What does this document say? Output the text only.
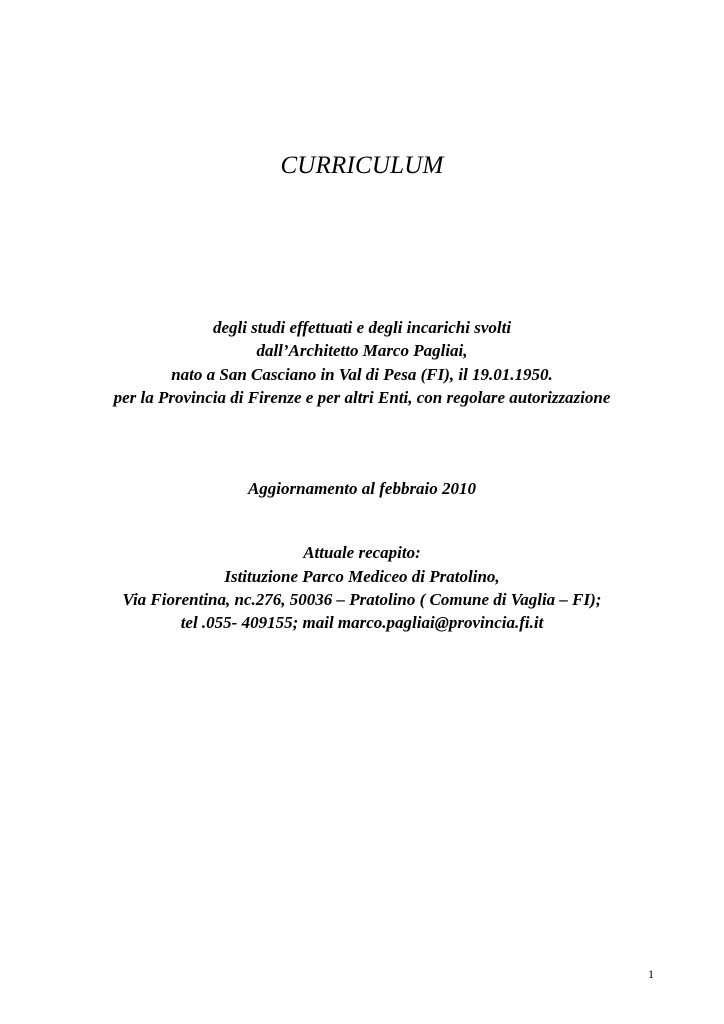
CURRICULUM
degli studi effettuati e degli incarichi svolti
dall’Architetto Marco Pagliai,
nato a San Casciano in Val di Pesa (FI), il 19.01.1950.
per la Provincia di Firenze e per altri Enti, con regolare autorizzazione
Aggiornamento al febbraio 2010
Attuale recapito:
Istituzione Parco Mediceo di Pratolino,
Via Fiorentina, nc.276, 50036 – Pratolino ( Comune di Vaglia – FI);
tel .055- 409155; mail marco.pagliai@provincia.fi.it
1
